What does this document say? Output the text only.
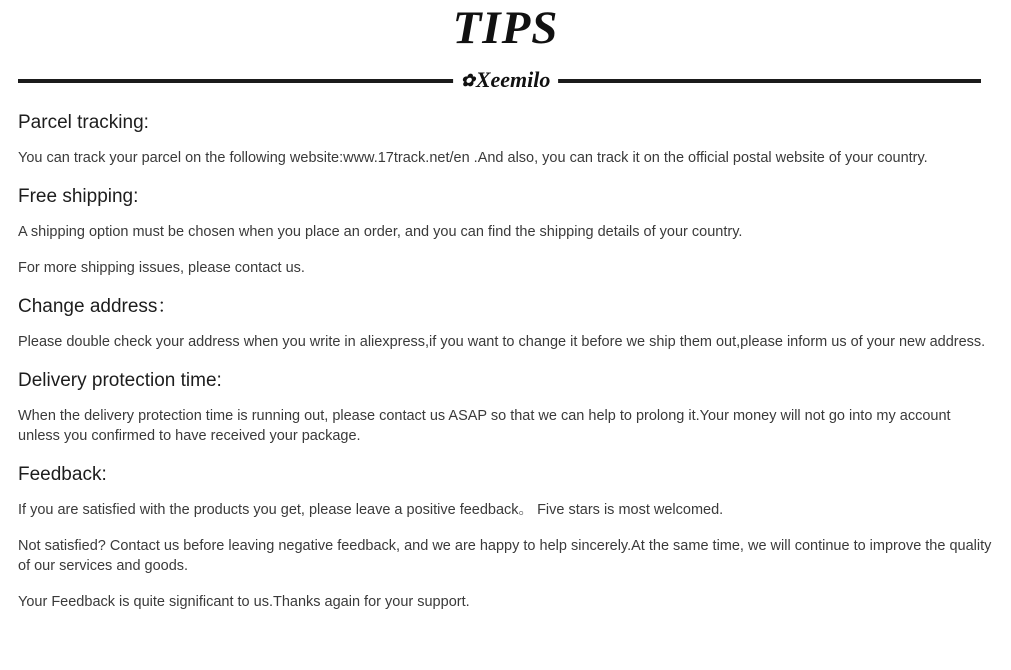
TIPS
✿Xeemilo
Parcel tracking:

You can track your parcel on the following website:www.17track.net/en .And also, you can track it on the official postal website of your country.

Free shipping:

A shipping option must be chosen when you place an order, and you can find the shipping details of your country.

For more shipping issues, please contact us.

Change address：

Please double check your address when you write in aliexpress,if you want to change it before we ship them out,please inform us of your new address.

Delivery protection time:

When the delivery protection time is running out, please contact us ASAP so that we can help to prolong it.Your money will not go into my account unless you confirmed to have received your package.

Feedback:

If you are satisfied with the products you get, please leave a positive feedback。 Five stars is most welcomed.

Not satisfied? Contact us before leaving negative feedback, and we are happy to help sincerely.At the same time, we will continue to improve the quality of our services and goods.

Your Feedback is quite significant to us.Thanks again for your support.
